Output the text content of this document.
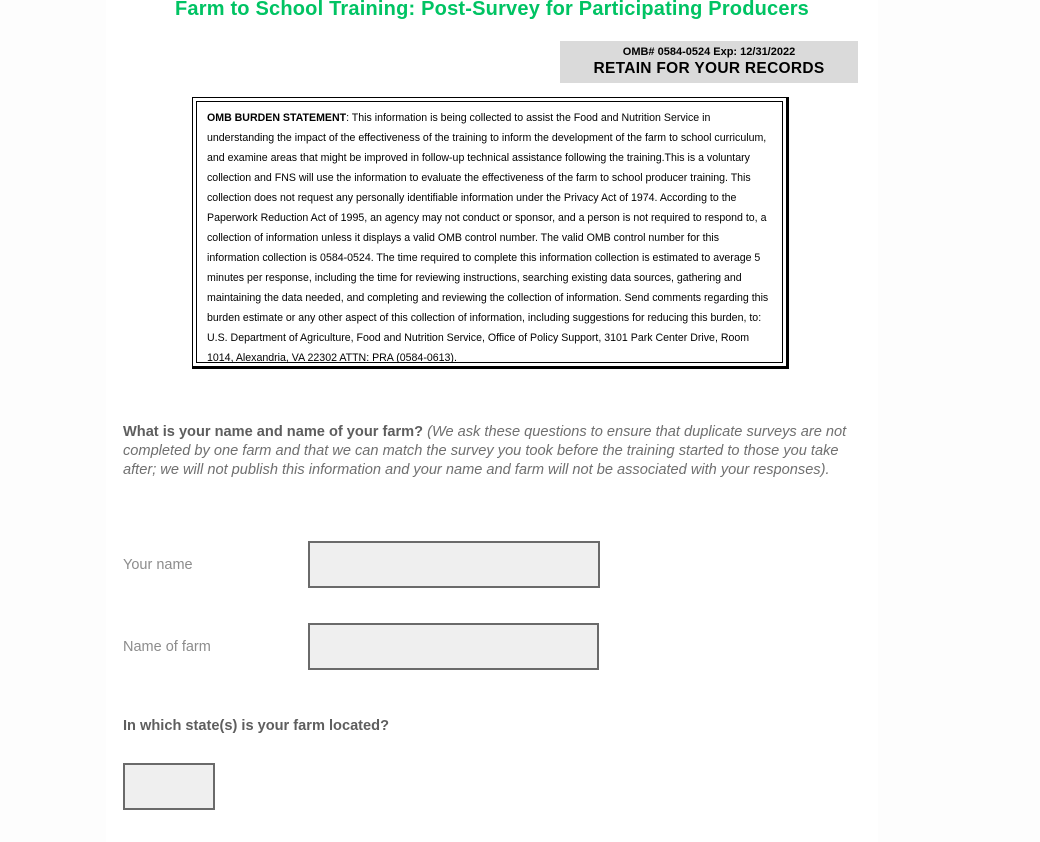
Farm to School Training: Post-Survey for Participating Producers
OMB# 0584-0524 Exp: 12/31/2022
RETAIN FOR YOUR RECORDS
OMB BURDEN STATEMENT: This information is being collected to assist the Food and Nutrition Service in understanding the impact of the effectiveness of the training to inform the development of the farm to school curriculum, and examine areas that might be improved in follow-up technical assistance following the training.This is a voluntary collection and FNS will use the information to evaluate the effectiveness of the farm to school producer training. This collection does not request any personally identifiable information under the Privacy Act of 1974. According to the Paperwork Reduction Act of 1995, an agency may not conduct or sponsor, and a person is not required to respond to, a collection of information unless it displays a valid OMB control number. The valid OMB control number for this information collection is 0584-0524. The time required to complete this information collection is estimated to average 5 minutes per response, including the time for reviewing instructions, searching existing data sources, gathering and maintaining the data needed, and completing and reviewing the collection of information. Send comments regarding this burden estimate or any other aspect of this collection of information, including suggestions for reducing this burden, to: U.S. Department of Agriculture, Food and Nutrition Service, Office of Policy Support, 3101 Park Center Drive, Room 1014, Alexandria, VA 22302 ATTN: PRA (0584-0613).

What is your name and name of your farm? (We ask these questions to ensure that duplicate surveys are not completed by one farm and that we can match the survey you took before the training started to those you take after; we will not publish this information and your name and farm will not be associated with your responses).

Your name
Name of farm

In which state(s) is your farm located?
